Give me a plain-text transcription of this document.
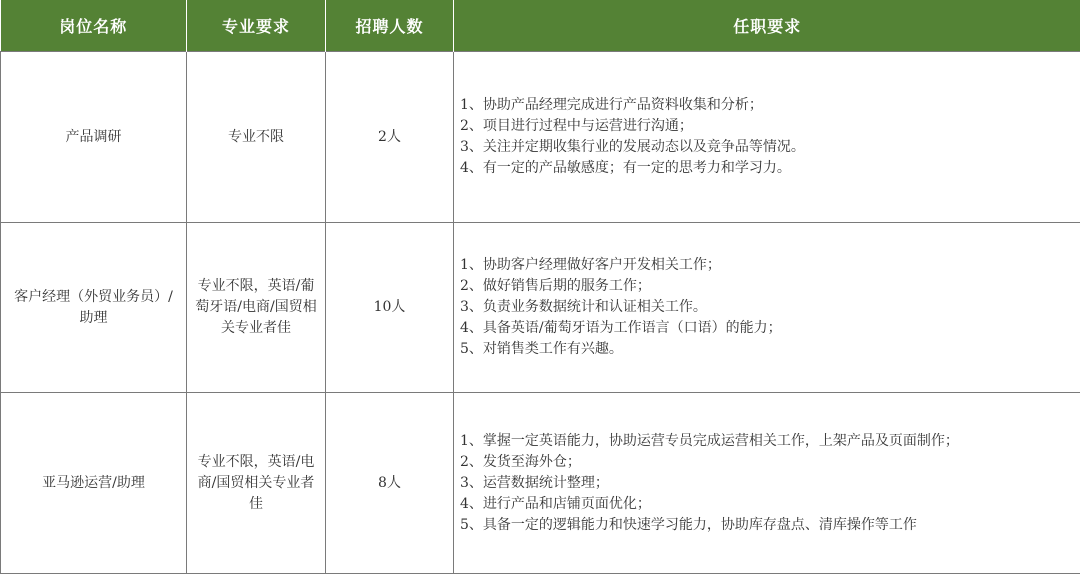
岗位名称	专业要求	招聘人数	任职要求

产品调研	专业不限	2人	1、协助产品经理完成进行产品资料收集和分析；
2、项目进行过程中与运营进行沟通；
3、关注并定期收集行业的发展动态以及竞争品等情况。
4、有一定的产品敏感度；有一定的思考力和学习力。

客户经理（外贸业务员）/助理	专业不限，英语/葡萄牙语/电商/国贸相关专业者佳	10人	1、协助客户经理做好客户开发相关工作；
2、做好销售后期的服务工作；
3、负责业务数据统计和认证相关工作。
4、具备英语/葡萄牙语为工作语言（口语）的能力；
5、对销售类工作有兴趣。

亚马逊运营/助理	专业不限，英语/电商/国贸相关专业者佳	8人	1、掌握一定英语能力，协助运营专员完成运营相关工作，上架产品及页面制作；
2、发货至海外仓；
3、运营数据统计整理；
4、进行产品和店铺页面优化；
5、具备一定的逻辑能力和快速学习能力，协助库存盘点、清库操作等工作
